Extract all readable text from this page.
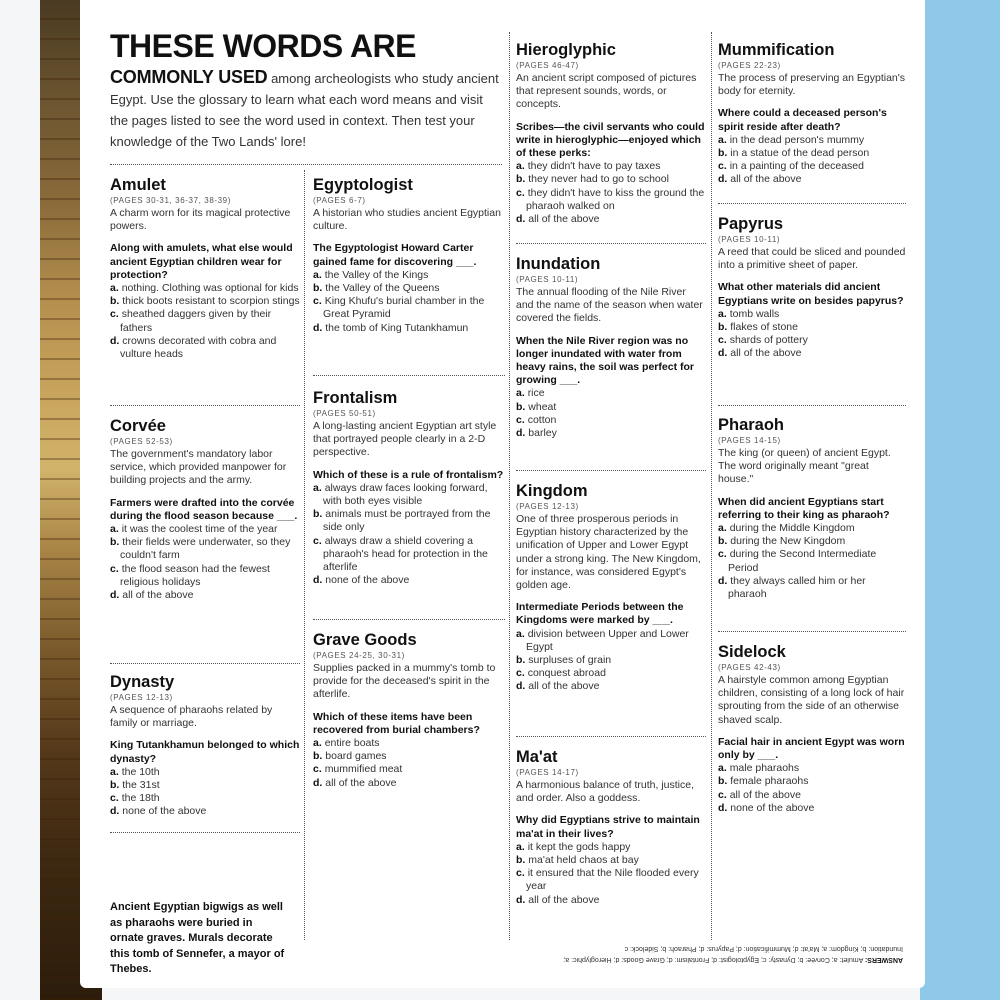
THESE WORDS ARE
COMMONLY USED among archeologists who study ancient Egypt. Use the glossary to learn what each word means and visit the pages listed to see the word used in context. Then test your knowledge of the Two Lands' lore!
Amulet
(PAGES 30-31, 36-37, 38-39)
A charm worn for its magical protective powers.
Along with amulets, what else would ancient Egyptian children wear for protection?
a. nothing. Clothing was optional for kids
b. thick boots resistant to scorpion stings
c. sheathed daggers given by their fathers
d. crowns decorated with cobra and vulture heads
Corvée
(PAGES 52-53)
The government's mandatory labor service, which provided manpower for building projects and the army.
Farmers were drafted into the corvée during the flood season because ___.
a. it was the coolest time of the year
b. their fields were underwater, so they couldn't farm
c. the flood season had the fewest religious holidays
d. all of the above
Dynasty
(PAGES 12-13)
A sequence of pharaohs related by family or marriage.
King Tutankhamun belonged to which dynasty?
a. the 10th
b. the 31st
c. the 18th
d. none of the above
Ancient Egyptian bigwigs as well as pharaohs were buried in ornate graves. Murals decorate this tomb of Sennefer, a mayor of Thebes.
Egyptologist
(PAGES 6-7)
A historian who studies ancient Egyptian culture.
The Egyptologist Howard Carter gained fame for discovering ___.
a. the Valley of the Kings
b. the Valley of the Queens
c. King Khufu's burial chamber in the Great Pyramid
d. the tomb of King Tutankhamun
Frontalism
(PAGES 50-51)
A long-lasting ancient Egyptian art style that portrayed people clearly in a 2-D perspective.
Which of these is a rule of frontalism?
a. always draw faces looking forward, with both eyes visible
b. animals must be portrayed from the side only
c. always draw a shield covering a pharaoh's head for protection in the afterlife
d. none of the above
Grave Goods
(PAGES 24-25, 30-31)
Supplies packed in a mummy's tomb to provide for the deceased's spirit in the afterlife.
Which of these items have been recovered from burial chambers?
a. entire boats
b. board games
c. mummified meat
d. all of the above
Hieroglyphic
(PAGES 46-47)
An ancient script composed of pictures that represent sounds, words, or concepts.
Scribes—the civil servants who could write in hieroglyphic—enjoyed which of these perks:
a. they didn't have to pay taxes
b. they never had to go to school
c. they didn't have to kiss the ground the pharaoh walked on
d. all of the above
Inundation
(PAGES 10-11)
The annual flooding of the Nile River and the name of the season when water covered the fields.
When the Nile River region was no longer inundated with water from heavy rains, the soil was perfect for growing ___.
a. rice
b. wheat
c. cotton
d. barley
Kingdom
(PAGES 12-13)
One of three prosperous periods in Egyptian history characterized by the unification of Upper and Lower Egypt under a strong king. The New Kingdom, for instance, was considered Egypt's golden age.
Intermediate Periods between the Kingdoms were marked by ___.
a. division between Upper and Lower Egypt
b. surpluses of grain
c. conquest abroad
d. all of the above
Ma'at
(PAGES 14-17)
A harmonious balance of truth, justice, and order. Also a goddess.
Why did Egyptians strive to maintain ma'at in their lives?
a. it kept the gods happy
b. ma'at held chaos at bay
c. it ensured that the Nile flooded every year
d. all of the above
Mummification
(PAGES 22-23)
The process of preserving an Egyptian's body for eternity.
Where could a deceased person's spirit reside after death?
a. in the dead person's mummy
b. in a statue of the dead person
c. in a painting of the deceased
d. all of the above
Papyrus
(PAGES 10-11)
A reed that could be sliced and pounded into a primitive sheet of paper.
What other materials did ancient Egyptians write on besides papyrus?
a. tomb walls
b. flakes of stone
c. shards of pottery
d. all of the above
Pharaoh
(PAGES 14-15)
The king (or queen) of ancient Egypt. The word originally meant "great house."
When did ancient Egyptians start referring to their king as pharaoh?
a. during the Middle Kingdom
b. during the New Kingdom
c. during the Second Intermediate Period
d. they always called him or her pharaoh
Sidelock
(PAGES 42-43)
A hairstyle common among Egyptian children, consisting of a long lock of hair sprouting from the side of an otherwise shaved scalp.
Facial hair in ancient Egypt was worn only by ___.
a. male pharaohs
b. female pharaohs
c. all of the above
d. none of the above
ANSWERS: Amulet: a; Corvée: b; Dynasty: c; Egyptologist: d; Frontalism: d; Grave Goods: d; Hieroglyphic: a; Inundation: b; Kingdom: a; Ma'at: d; Mummification: d; Papyrus: d; Pharaoh: b; Sidelock: c
